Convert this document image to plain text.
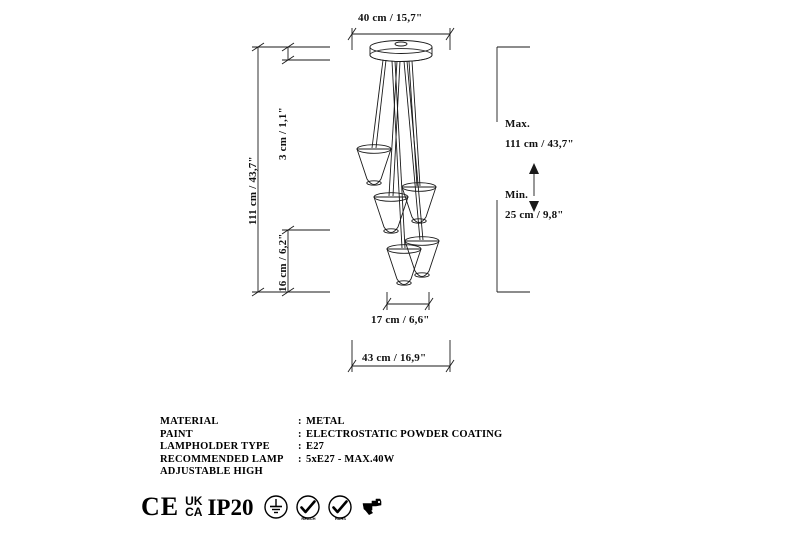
40 cm / 15,7"
17 cm / 6,6"
43 cm / 16,9"
111 cm / 43,7"
3 cm / 1,1"
16 cm / 6,2"
Max.
111 cm / 43,7"
Min.
25 cm / 9,8"
MATERIAL	:	METAL
PAINT	:	ELECTROSTATIC POWDER COATING
LAMPHOLDER TYPE	:	E27
RECOMMENDED LAMP	:	5xE27 - MAX.40W
ADJUSTABLE HIGH		
CE UK
CA IP20	REACH	RoHS
